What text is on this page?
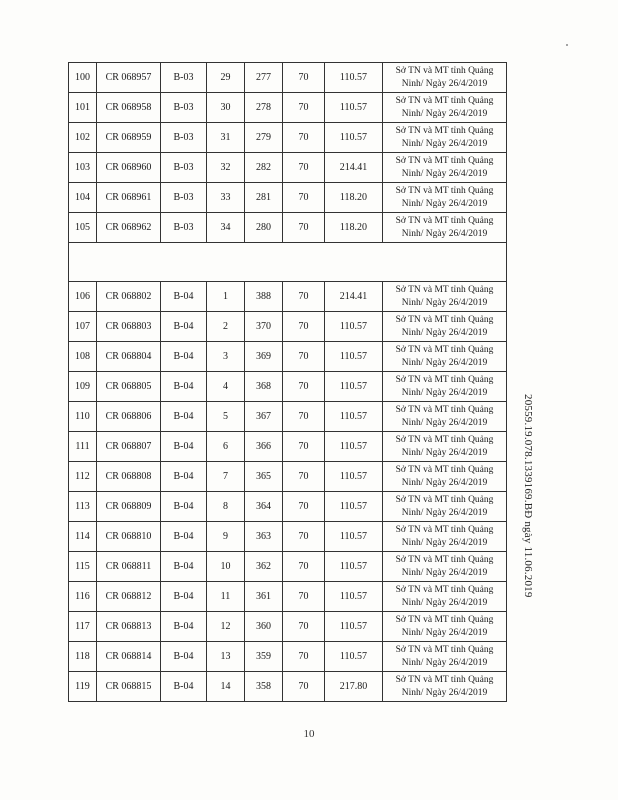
100	CR 068957	B-03	29	277	70	110.57	Sở TN và MT tỉnh Quảng
Ninh/ Ngày 26/4/2019

101	CR 068958	B-03	30	278	70	110.57	Sở TN và MT tỉnh Quảng
Ninh/ Ngày 26/4/2019

102	CR 068959	B-03	31	279	70	110.57	Sở TN và MT tỉnh Quảng
Ninh/ Ngày 26/4/2019

103	CR 068960	B-03	32	282	70	214.41	Sở TN và MT tỉnh Quảng
Ninh/ Ngày 26/4/2019

104	CR 068961	B-03	33	281	70	118.20	Sở TN và MT tỉnh Quảng
Ninh/ Ngày 26/4/2019

105	CR 068962	B-03	34	280	70	118.20	Sở TN và MT tỉnh Quảng
Ninh/ Ngày 26/4/2019

106	CR 068802	B-04	1	388	70	214.41	Sở TN và MT tỉnh Quảng
Ninh/ Ngày 26/4/2019

107	CR 068803	B-04	2	370	70	110.57	Sở TN và MT tỉnh Quảng
Ninh/ Ngày 26/4/2019

108	CR 068804	B-04	3	369	70	110.57	Sở TN và MT tỉnh Quảng
Ninh/ Ngày 26/4/2019

109	CR 068805	B-04	4	368	70	110.57	Sở TN và MT tỉnh Quảng
Ninh/ Ngày 26/4/2019

110	CR 068806	B-04	5	367	70	110.57	Sở TN và MT tỉnh Quảng
Ninh/ Ngày 26/4/2019

111	CR 068807	B-04	6	366	70	110.57	Sở TN và MT tỉnh Quảng
Ninh/ Ngày 26/4/2019

112	CR 068808	B-04	7	365	70	110.57	Sở TN và MT tỉnh Quảng
Ninh/ Ngày 26/4/2019

113	CR 068809	B-04	8	364	70	110.57	Sở TN và MT tỉnh Quảng
Ninh/ Ngày 26/4/2019

114	CR 068810	B-04	9	363	70	110.57	Sở TN và MT tỉnh Quảng
Ninh/ Ngày 26/4/2019

115	CR 068811	B-04	10	362	70	110.57	Sở TN và MT tỉnh Quảng
Ninh/ Ngày 26/4/2019

116	CR 068812	B-04	11	361	70	110.57	Sở TN và MT tỉnh Quảng
Ninh/ Ngày 26/4/2019

117	CR 068813	B-04	12	360	70	110.57	Sở TN và MT tỉnh Quảng
Ninh/ Ngày 26/4/2019

118	CR 068814	B-04	13	359	70	110.57	Sở TN và MT tỉnh Quảng
Ninh/ Ngày 26/4/2019

119	CR 068815	B-04	14	358	70	217.80	Sở TN và MT tỉnh Quảng
Ninh/ Ngày 26/4/2019
20559.19.078.1339169.BĐ ngày 11.06.2019
10
